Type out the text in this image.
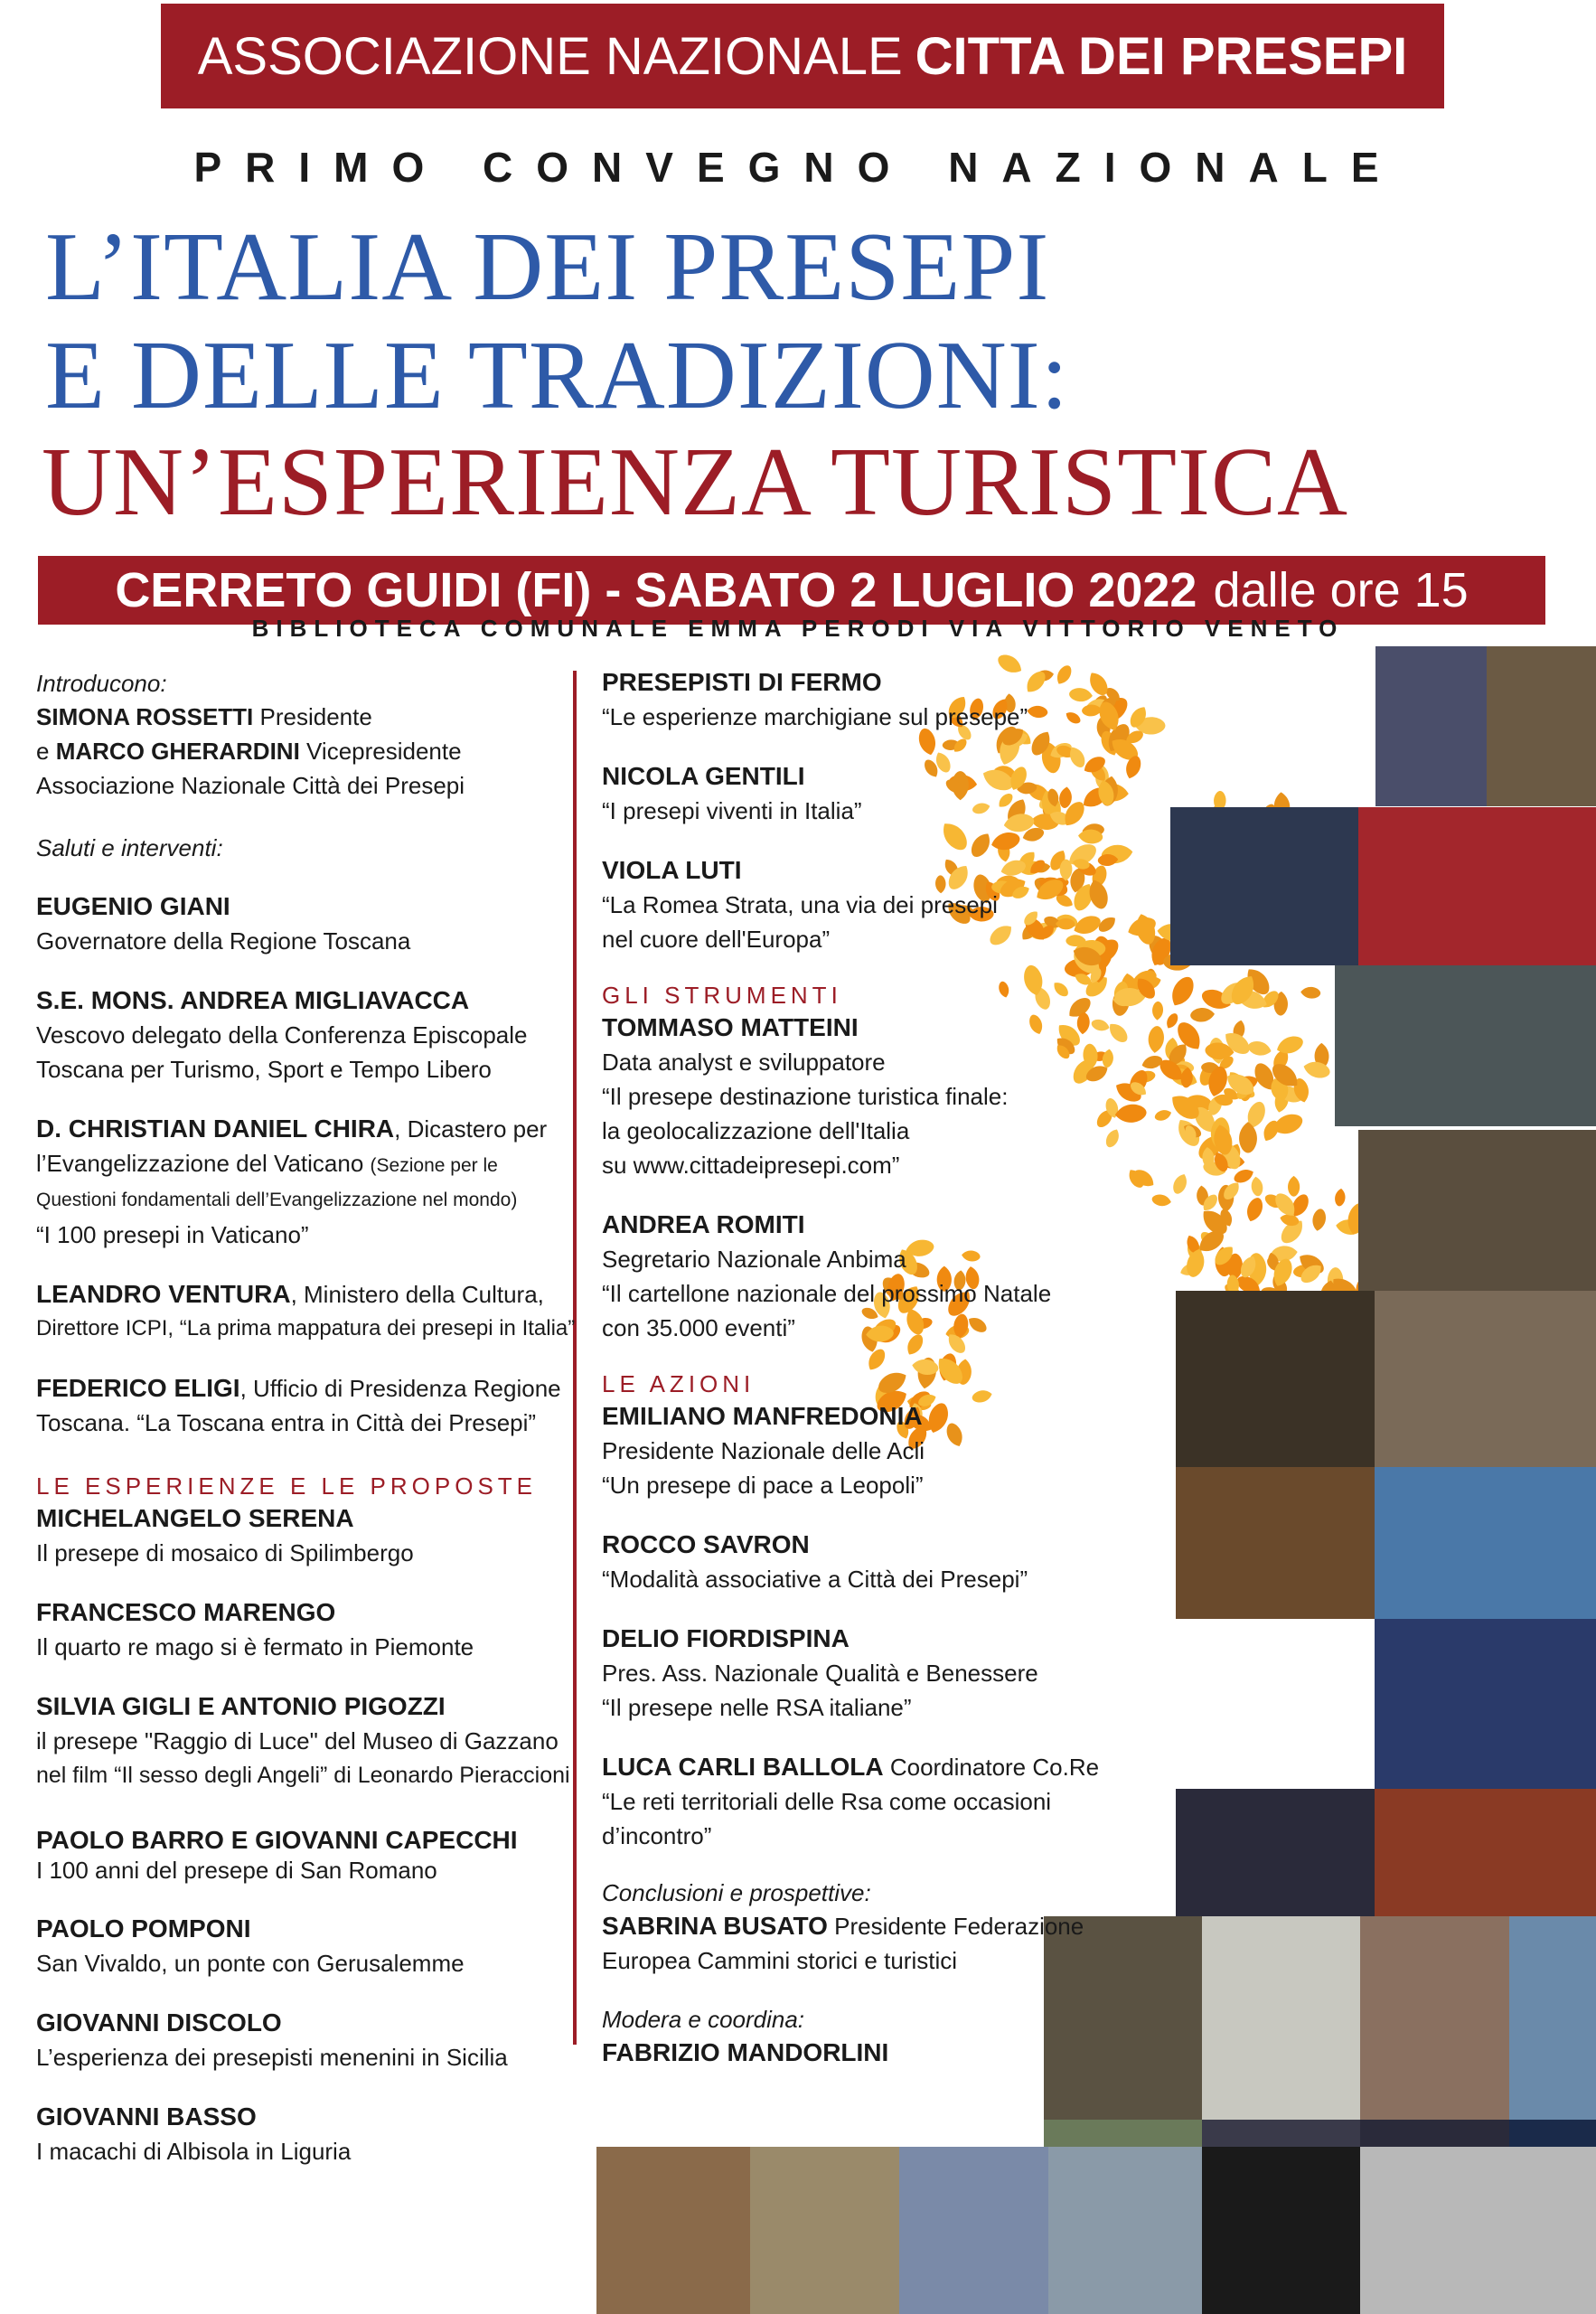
ASSOCIAZIONE NAZIONALE CITTA DEI PRESEPI
PRIMO CONVEGNO NAZIONALE
L’ITALIA DEI PRESEPI
E DELLE TRADIZIONI:
UN’ESPERIENZA TURISTICA
CERRETO GUIDI (FI) - SABATO 2 LUGLIO 2022 dalle ore 15
BIBLIOTECA COMUNALE EMMA PERODI VIA VITTORIO VENETO

Introducono:

SIMONA ROSSETTI Presidente

e MARCO GHERARDINI Vicepresidente

Associazione Nazionale Città dei Presepi

Saluti e interventi:

EUGENIO GIANI

Governatore della Regione Toscana

S.E. MONS. ANDREA MIGLIAVACCA

Vescovo delegato della Conferenza Episcopale

Toscana per Turismo, Sport e Tempo Libero

D. CHRISTIAN DANIEL CHIRA, Dicastero per

l’Evangelizzazione del Vaticano (Sezione per le

Questioni fondamentali dell’Evangelizzazione nel mondo)

“I 100 presepi in Vaticano”

LEANDRO VENTURA, Ministero della Cultura,

Direttore ICPI, “La prima mappatura dei presepi in Italia”

FEDERICO ELIGI, Ufficio di Presidenza Regione

Toscana. “La Toscana entra in Città dei Presepi”

LE ESPERIENZE E LE PROPOSTE

MICHELANGELO SERENA

Il presepe di mosaico di Spilimbergo

FRANCESCO MARENGO

Il quarto re mago si è fermato in Piemonte

SILVIA GIGLI E ANTONIO PIGOZZI

il presepe "Raggio di Luce" del Museo di Gazzano

nel film “Il sesso degli Angeli” di Leonardo Pieraccioni

PAOLO BARRO E GIOVANNI CAPECCHI

I 100 anni del presepe di San Romano

PAOLO POMPONI

San Vivaldo, un ponte con Gerusalemme

GIOVANNI DISCOLO

L’esperienza dei presepisti menenini in Sicilia

GIOVANNI BASSO

I macachi di Albisola in Liguria

PRESEPISTI DI FERMO

“Le esperienze marchigiane sul presepe”

NICOLA GENTILI

“I presepi viventi in Italia”

VIOLA LUTI

“La Romea Strata, una via dei presepi

nel cuore dell'Europa”

GLI STRUMENTI

TOMMASO MATTEINI

Data analyst e sviluppatore

“Il presepe destinazione turistica finale:

la geolocalizzazione dell'Italia

su www.cittadeipresepi.com”

ANDREA ROMITI

Segretario Nazionale Anbima

“Il cartellone nazionale del prossimo Natale

con 35.000 eventi”

LE AZIONI

EMILIANO MANFREDONIA

Presidente Nazionale delle Acli

“Un presepe di pace a Leopoli”

ROCCO SAVRON

“Modalità associative a Città dei Presepi”

DELIO FIORDISPINA

Pres. Ass. Nazionale Qualità e Benessere

“Il presepe nelle RSA italiane”

LUCA CARLI BALLOLA Coordinatore Co.Re

“Le reti territoriali delle Rsa come occasioni

d’incontro”

Conclusioni e prospettive:

SABRINA BUSATO Presidente Federazione

Europea Cammini storici e turistici

Modera e coordina:

FABRIZIO MANDORLINI
